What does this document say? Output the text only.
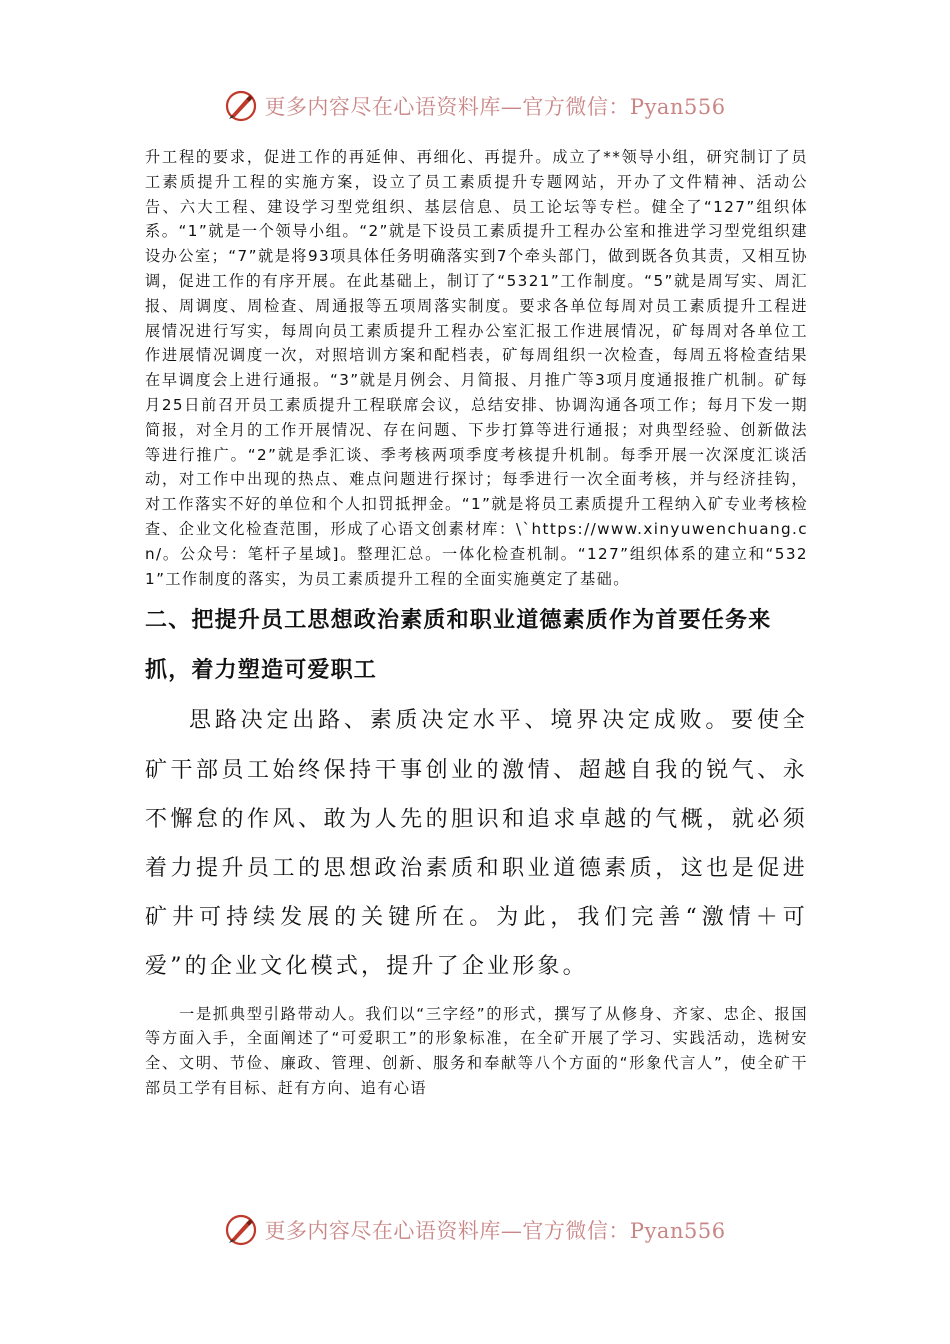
更多内容尽在心语资料库—官方微信：Pyan556

升工程的要求，促进工作的再延伸、再细化、再提升。成立了**领导小组，研究制订了员工素质提升工程的实施方案，设立了员工素质提升专题网站，开办了文件精神、活动公告、六大工程、建设学习型党组织、基层信息、员工论坛等专栏。健全了“127”组织体系。“1”就是一个领导小组。“2”就是下设员工素质提升工程办公室和推进学习型党组织建设办公室；“7”就是将93项具体任务明确落实到7个牵头部门，做到既各负其责，又相互协调，促进工作的有序开展。在此基础上，制订了“5321”工作制度。“5”就是周写实、周汇报、周调度、周检查、周通报等五项周落实制度。要求各单位每周对员工素质提升工程进展情况进行写实，每周向员工素质提升工程办公室汇报工作进展情况，矿每周对各单位工作进展情况调度一次，对照培训方案和配档表，矿每周组织一次检查，每周五将检查结果在早调度会上进行通报。“3”就是月例会、月简报、月推广等3项月度通报推广机制。矿每月25日前召开员工素质提升工程联席会议，总结安排、协调沟通各项工作；每月下发一期简报，对全月的工作开展情况、存在问题、下步打算等进行通报；对典型经验、创新做法等进行推广。“2”就是季汇谈、季考核两项季度考核提升机制。每季开展一次深度汇谈活动，对工作中出现的热点、难点问题进行探讨；每季进行一次全面考核，并与经济挂钩，对工作落实不好的单位和个人扣罚抵押金。“1”就是将员工素质提升工程纳入矿专业考核检查、企业文化检查范围，形成了心语文创素材库：\`https://www.xinyuwenchuang.cn/。公众号：笔杆子星域]。整理汇总。一体化检查机制。“127”组织体系的建立和“5321”工作制度的落实，为员工素质提升工程的全面实施奠定了基础。

二、把提升员工思想政治素质和职业道德素质作为首要任务来抓，着力塑造可爱职工

思路决定出路、素质决定水平、境界决定成败。要使全矿干部员工始终保持干事创业的激情、超越自我的锐气、永不懈怠的作风、敢为人先的胆识和追求卓越的气概，就必须着力提升员工的思想政治素质和职业道德素质，这也是促进矿井可持续发展的关键所在。为此，我们完善“激情＋可爱”的企业文化模式，提升了企业形象。

一是抓典型引路带动人。我们以“三字经”的形式，撰写了从修身、齐家、忠企、报国等方面入手，全面阐述了“可爱职工”的形象标准，在全矿开展了学习、实践活动，选树安全、文明、节俭、廉政、管理、创新、服务和奉献等八个方面的“形象代言人”，使全矿干部员工学有目标、赶有方向、追有心语

更多内容尽在心语资料库—官方微信：Pyan556
